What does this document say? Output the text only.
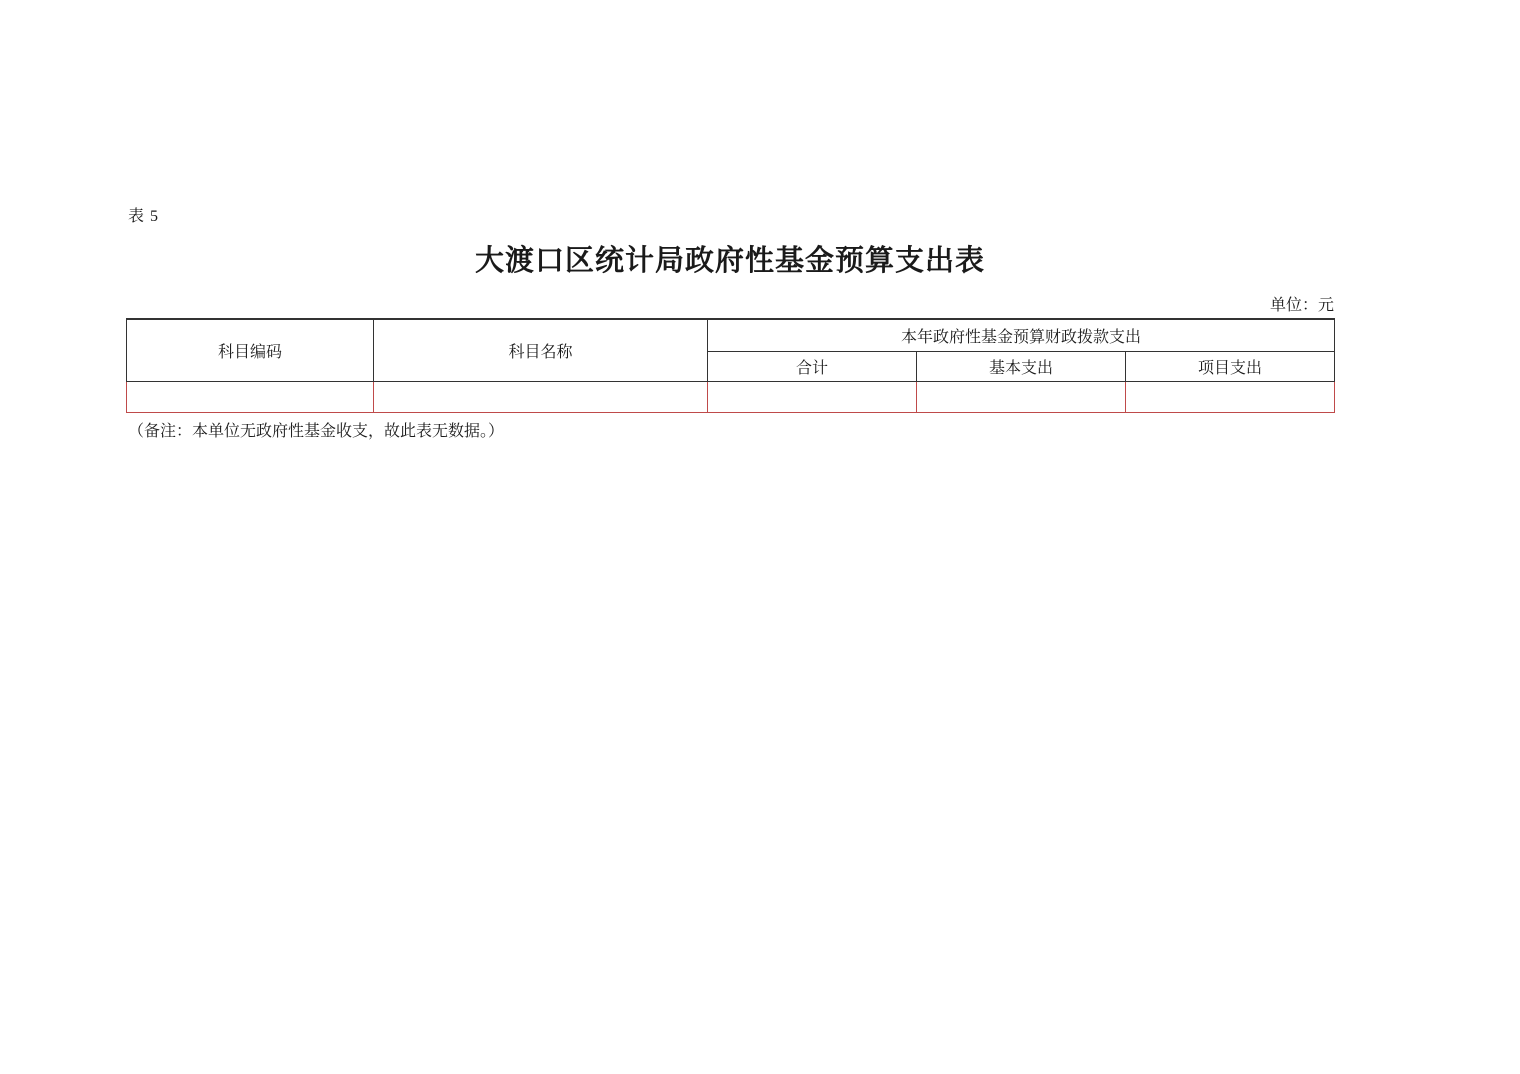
表 5
大渡口区统计局政府性基金预算支出表
单位：元
科目编码	科目名称	本年政府性基金预算财政拨款支出		
		合计	基本支出	项目支出

（备注：本单位无政府性基金收支，故此表无数据。）
